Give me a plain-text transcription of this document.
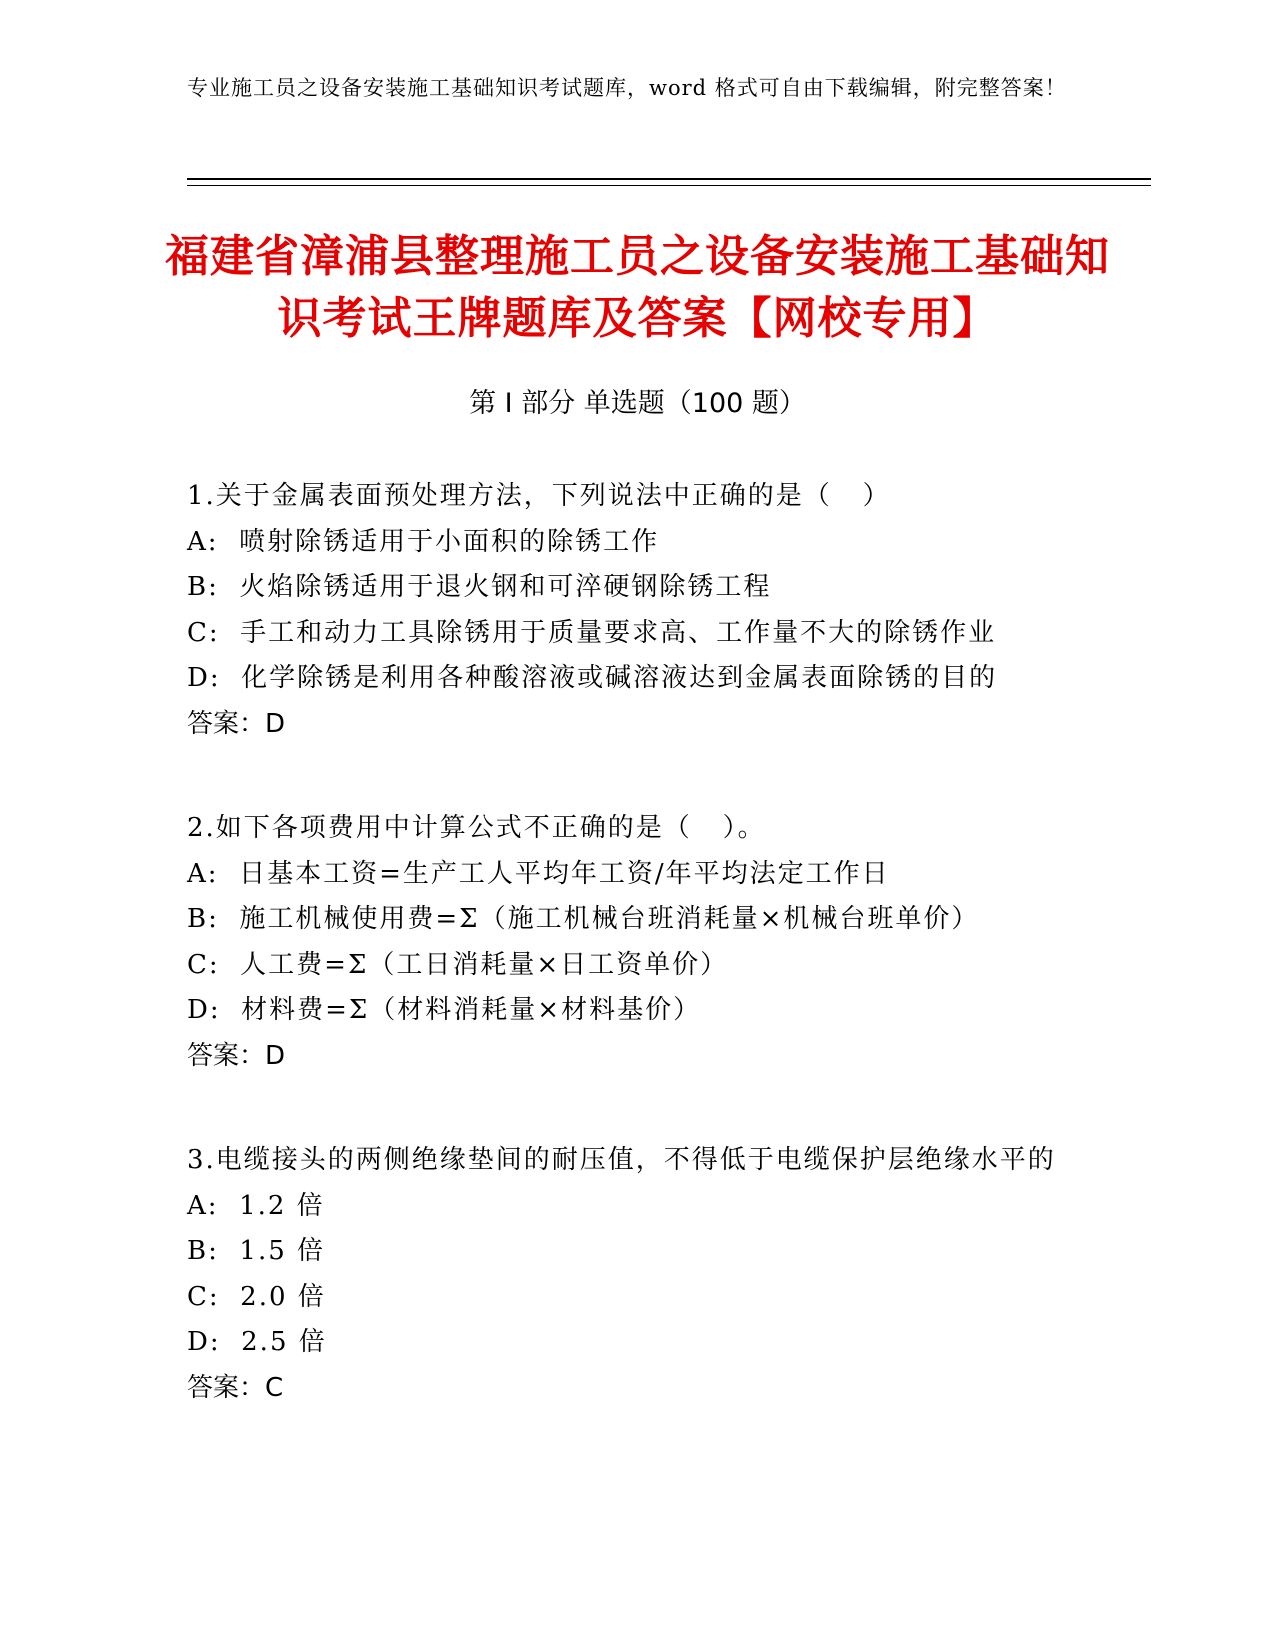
专业施工员之设备安装施工基础知识考试题库，word 格式可自由下载编辑，附完整答案！
福建省漳浦县整理施工员之设备安装施工基础知识考试王牌题库及答案【网校专用】
第 I 部分 单选题（100 题）
1.关于金属表面预处理方法，下列说法中正确的是（   ）
A:  喷射除锈适用于小面积的除锈工作
B:  火焰除锈适用于退火钢和可淬硬钢除锈工程
C:  手工和动力工具除锈用于质量要求高、工作量不大的除锈作业
D:  化学除锈是利用各种酸溶液或碱溶液达到金属表面除锈的目的
答案：D
2.如下各项费用中计算公式不正确的是（   ）。
A:  日基本工资=生产工人平均年工资/年平均法定工作日
B:  施工机械使用费=Σ（施工机械台班消耗量×机械台班单价）
C:  人工费=Σ（工日消耗量×日工资单价）
D:  材料费=Σ（材料消耗量×材料基价）
答案：D
3.电缆接头的两侧绝缘垫间的耐压值，不得低于电缆保护层绝缘水平的
A:  1.2 倍
B:  1.5 倍
C:  2.0 倍
D:  2.5 倍
答案：C
